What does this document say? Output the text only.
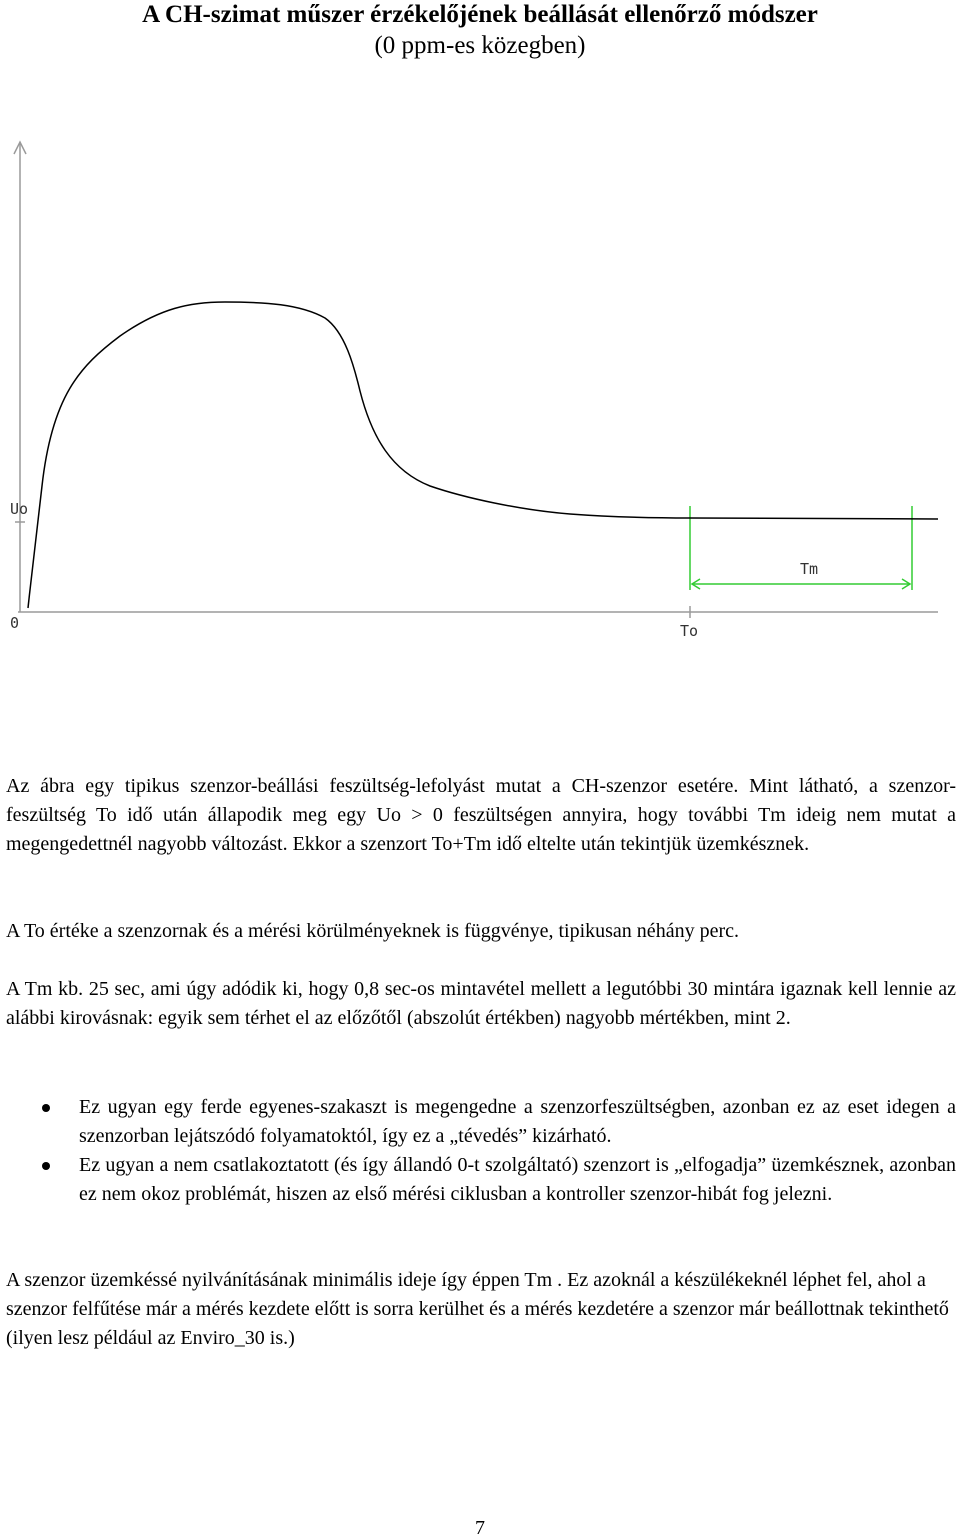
A CH-szimat műszer érzékelőjének beállását ellenőrző módszer
(0 ppm-es közegben)
Uo
0	To
Tm

Az ábra egy tipikus szenzor-beállási feszültség-lefolyást mutat a CH-szenzor esetére. Mint látható, a szenzor-feszültség To idő után állapodik meg egy Uo > 0 feszültségen annyira, hogy további Tm ideig nem mutat a megengedettnél nagyobb változást. Ekkor a szenzort To+Tm idő eltelte után tekintjük üzemkésznek.

A To értéke a szenzornak és a mérési körülményeknek is függvénye, tipikusan néhány perc.

A Tm kb. 25 sec, ami úgy adódik ki, hogy 0,8 sec-os mintavétel mellett a legutóbbi 30 mintára igaznak kell lennie az alábbi kirovásnak: egyik sem térhet el az előzőtől (abszolút értékben) nagyobb mértékben, mint 2.

Ez ugyan egy ferde egyenes-szakaszt is megengedne a szenzorfeszültségben, azonban ez az eset idegen a szenzorban lejátszódó folyamatoktól, így ez a „tévedés” kizárható.
Ez ugyan a nem csatlakoztatott (és így állandó 0-t szolgáltató) szenzort is „elfogadja” üzemkésznek, azonban ez nem okoz problémát, hiszen az első mérési ciklusban a kontroller szenzor-hibát fog jelezni.

A szenzor üzemkéssé nyilvánításának minimális ideje így éppen Tm . Ez azoknál a készülékeknél léphet fel, ahol a szenzor felfűtése már a mérés kezdete előtt is sorra kerülhet és a mérés kezdetére a szenzor már beállottnak tekinthető (ilyen lesz például az Enviro_30 is.)

7
